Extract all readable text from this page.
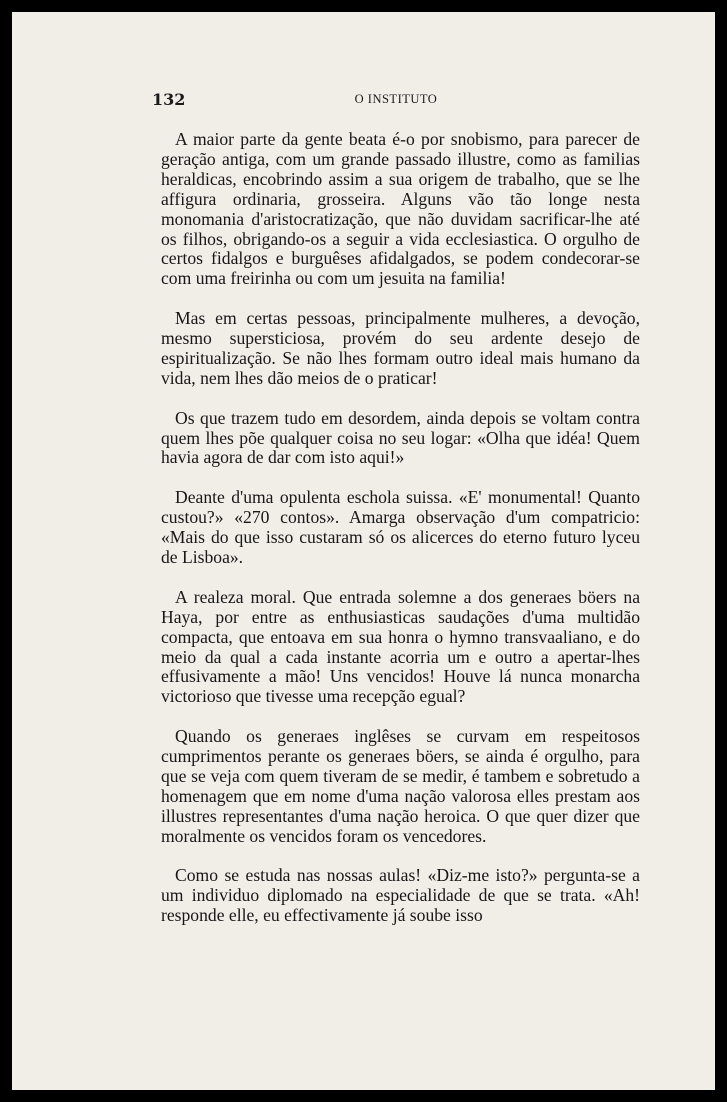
132	O INSTITUTO

A maior parte da gente beata é-o por snobismo, para parecer de geração antiga, com um grande passado illustre, como as familias heraldicas, encobrindo assim a sua origem de trabalho, que se lhe affigura ordinaria, grosseira. Alguns vão tão longe nesta monomania d'aristocratização, que não duvidam sacrificar-lhe até os filhos, obrigando-os a seguir a vida ecclesiastica. O orgulho de certos fidalgos e burguêses afidalgados, se podem condecorar-se com uma freirinha ou com um jesuita na familia!

Mas em certas pessoas, principalmente mulheres, a devoção, mesmo supersticiosa, provém do seu ardente desejo de espiritualização. Se não lhes formam outro ideal mais humano da vida, nem lhes dão meios de o praticar!

Os que trazem tudo em desordem, ainda depois se voltam contra quem lhes põe qualquer coisa no seu logar: «Olha que idéa! Quem havia agora de dar com isto aqui!»

Deante d'uma opulenta eschola suissa. «E' monumental! Quanto custou?» «270 contos». Amarga observação d'um compatricio: «Mais do que isso custaram só os alicerces do eterno futuro lyceu de Lisboa».

A realeza moral. Que entrada solemne a dos generaes böers na Haya, por entre as enthusiasticas saudações d'uma multidão compacta, que entoava em sua honra o hymno transvaaliano, e do meio da qual a cada instante acorria um e outro a apertar-lhes effusivamente a mão! Uns vencidos! Houve lá nunca monarcha victorioso que tivesse uma recepção egual?

Quando os generaes inglêses se curvam em respeitosos cumprimentos perante os generaes böers, se ainda é orgulho, para que se veja com quem tiveram de se medir, é tambem e sobretudo a homenagem que em nome d'uma nação valorosa elles prestam aos illustres representantes d'uma nação heroica. O que quer dizer que moralmente os vencidos foram os vencedores.

Como se estuda nas nossas aulas! «Diz-me isto?» pergunta-se a um individuo diplomado na especialidade de que se trata. «Ah! responde elle, eu effectivamente já soube isso
